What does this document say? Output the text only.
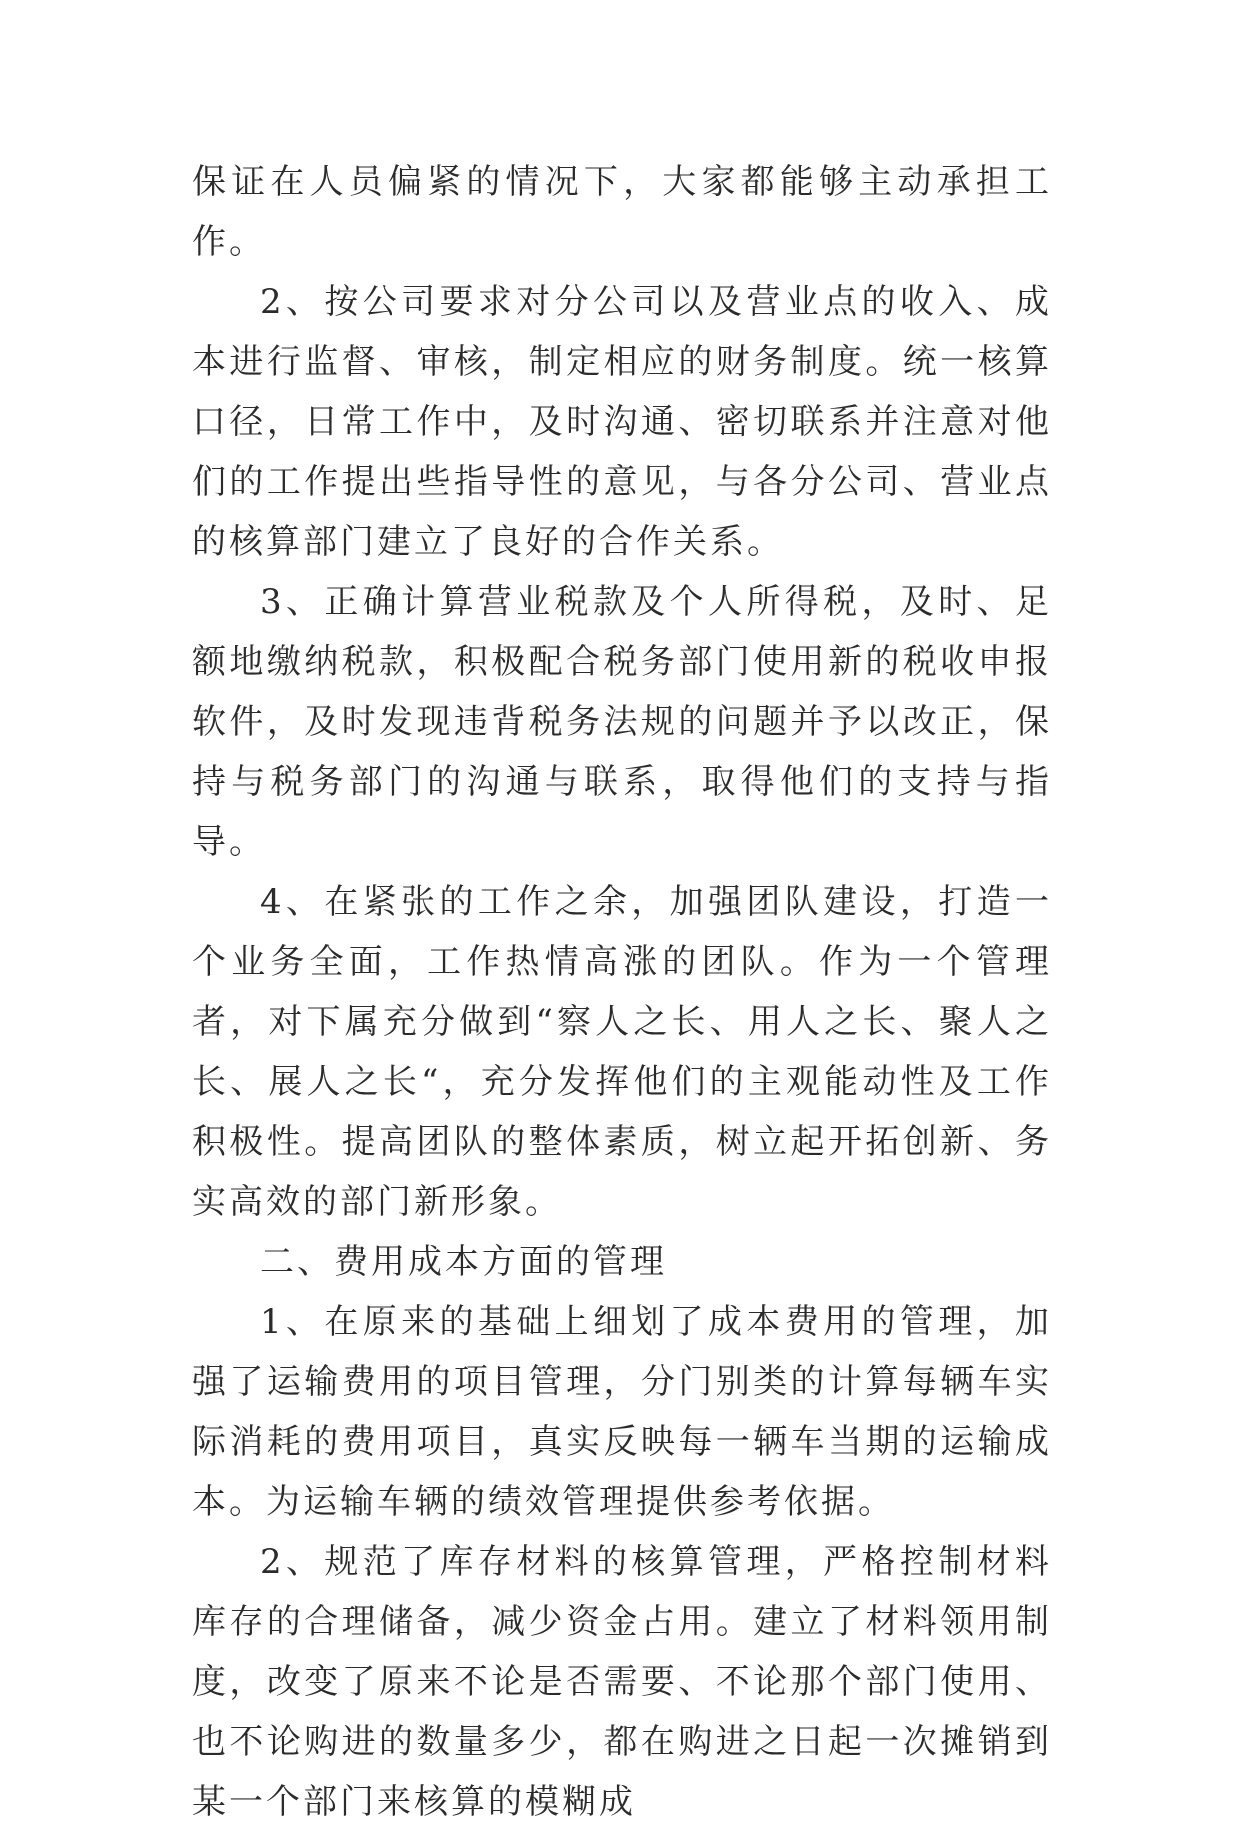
保证在人员偏紧的情况下，大家都能够主动承担工作。

2、按公司要求对分公司以及营业点的收入、成本进行监督、审核，制定相应的财务制度。统一核算口径，日常工作中，及时沟通、密切联系并注意对他们的工作提出些指导性的意见，与各分公司、营业点的核算部门建立了良好的合作关系。

3、正确计算营业税款及个人所得税，及时、足额地缴纳税款，积极配合税务部门使用新的税收申报软件，及时发现违背税务法规的问题并予以改正，保持与税务部门的沟通与联系，取得他们的支持与指导。

4、在紧张的工作之余，加强团队建设，打造一个业务全面，工作热情高涨的团队。作为一个管理者，对下属充分做到“察人之长、用人之长、聚人之长、展人之长“，充分发挥他们的主观能动性及工作积极性。提高团队的整体素质，树立起开拓创新、务实高效的部门新形象。

二、费用成本方面的管理

1、在原来的基础上细划了成本费用的管理，加强了运输费用的项目管理，分门别类的计算每辆车实际消耗的费用项目，真实反映每一辆车当期的运输成本。为运输车辆的绩效管理提供参考依据。

2、规范了库存材料的核算管理，严格控制材料库存的合理储备，减少资金占用。建立了材料领用制度，改变了原来不论是否需要、不论那个部门使用、也不论购进的数量多少，都在购进之日起一次摊销到某一个部门来核算的模糊成
